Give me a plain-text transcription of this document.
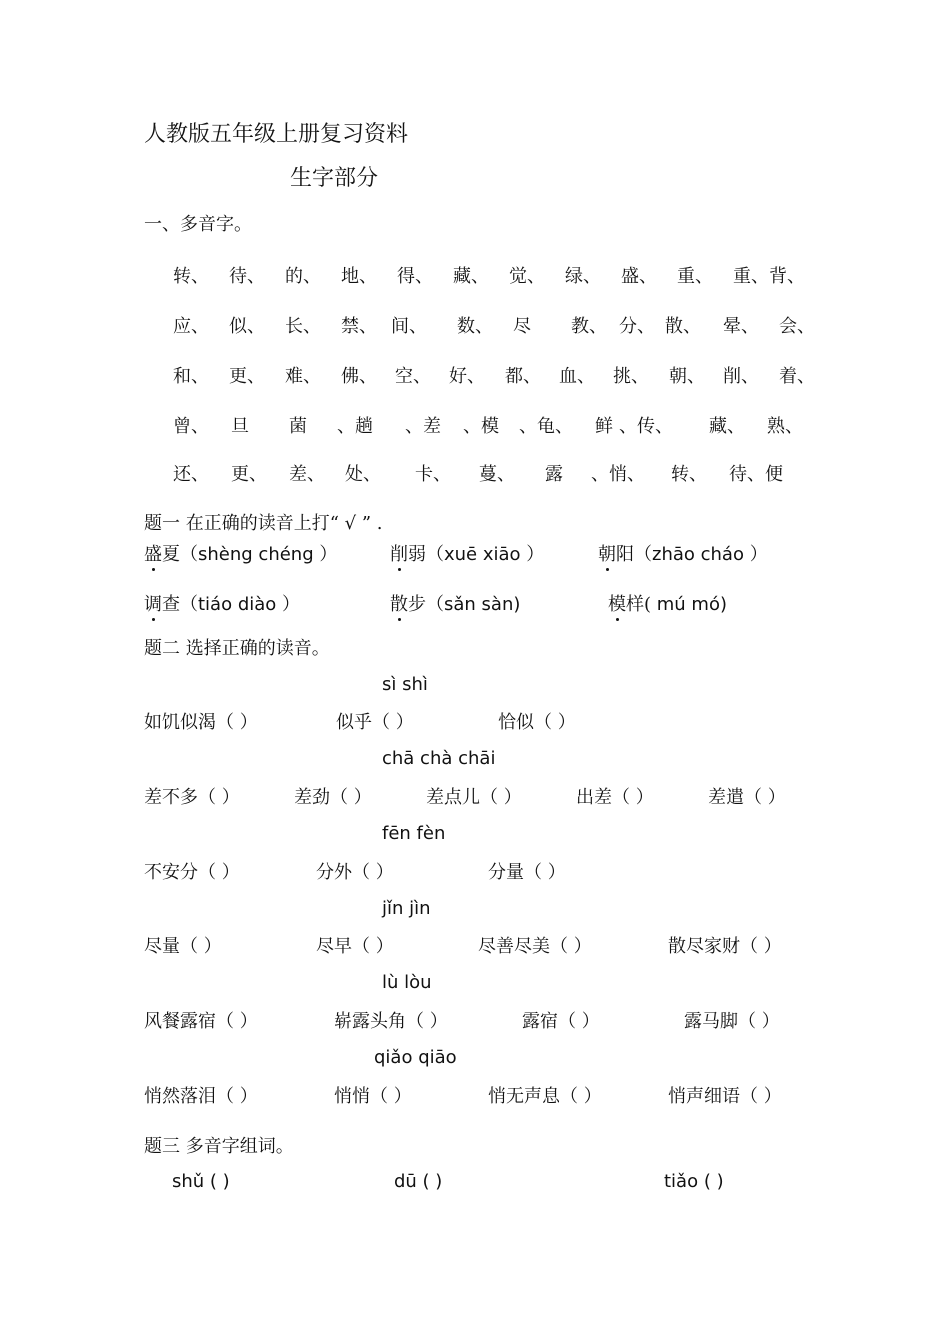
人教版五年级上册复习资料
生字部分
一、多音字。
转、 待、 的、 地、 得、 藏、 觉、 绿、 盛、 重、 重、背、
应、 似、 长、 禁、 间、 数、 尽 教、 分、 散、 晕、 会、
和、 更、 难、 佛、 空、 好、 都、 血、 挑、 朝、 削、 着、
曾、 旦 菌 、趟 、差 、模 、龟、 鲜 、传、 藏、 熟、
还、 更、 差、 处、 卡、 蔓、 露 、悄、 转、 待、便
题一 在正确的读音上打“ √ ” .
盛夏（shèng chéng ）	削弱（xuē xiāo ）	朝阳（zhāo cháo ）
调查（tiáo diào ）	散步（sǎn sàn)	模样( mú mó)
题二 选择正确的读音。
sì shì
如饥似渴（ ）	似乎（ ）	恰似（ ）
chā chà chāi
差不多（ ）	差劲（ ）	差点儿（ ）	出差（ ）	差遣（ ）
fēn fèn
不安分（ ）	分外（ ）	分量（ ）
jǐn jìn
尽量（ ）	尽早（ ）	尽善尽美（ ）	散尽家财（ ）
lù lòu
风餐露宿（ ）	崭露头角（ ）	露宿（ ）	露马脚（ ）
qiǎo qiāo
悄然落泪（ ）	悄悄（ ）	悄无声息（ ）	悄声细语（ ）
题三 多音字组词。
shǔ ( )	dū ( )	tiǎo ( )
